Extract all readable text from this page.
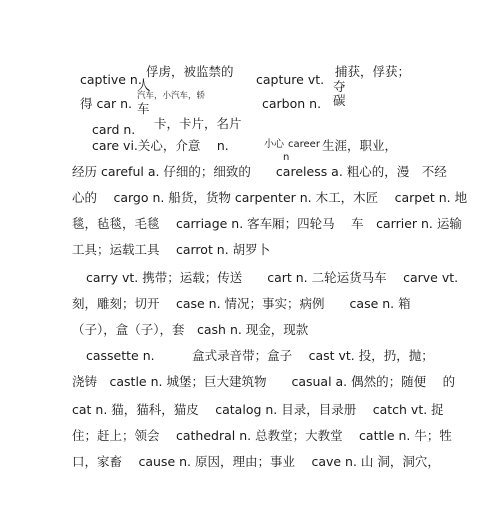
captive n.
俘虏，被监禁的
人	capture vt.
捕获，俘获；
夺
得 car n. 汽车，小汽车，轿
车	carbon n. 碳
卡，卡片，名片
card n.
care vi.关心，介意　 n.	小心 career
n
生涯，职业，
经历 careful a. 仔细的；细致的　　careless a. 粗心的，漫　不经
心的　 cargo n. 船货，货物 carpenter n. 木工，木匠　 carpet n. 地
毯，毡毯，毛毯　 carriage n. 客车厢；四轮马　 车　carrier n. 运输
工具；运载工具　 carrot n. 胡罗卜
carry vt. 携带；运载；传送　　cart n. 二轮运货马车　 carve vt.
刻，雕刻；切开　 case n. 情况；事实；病例　　case n. 箱
（子），盒（子），套　cash n. 现金，现款
cassette n.　　　盒式录音带；盒子　 cast vt. 投，扔，抛；
浇铸　castle n. 城堡；巨大建筑物　　casual a. 偶然的；随便　 的
cat n. 猫，猫科，猫皮　 catalog n. 目录，目录册　 catch vt. 捉
住；赶上；领会　 cathedral n. 总教堂；大教堂　 cattle n. 牛；牲
口，家畜　 cause n. 原因，理由；事业　 cave n. 山 洞，洞穴，
